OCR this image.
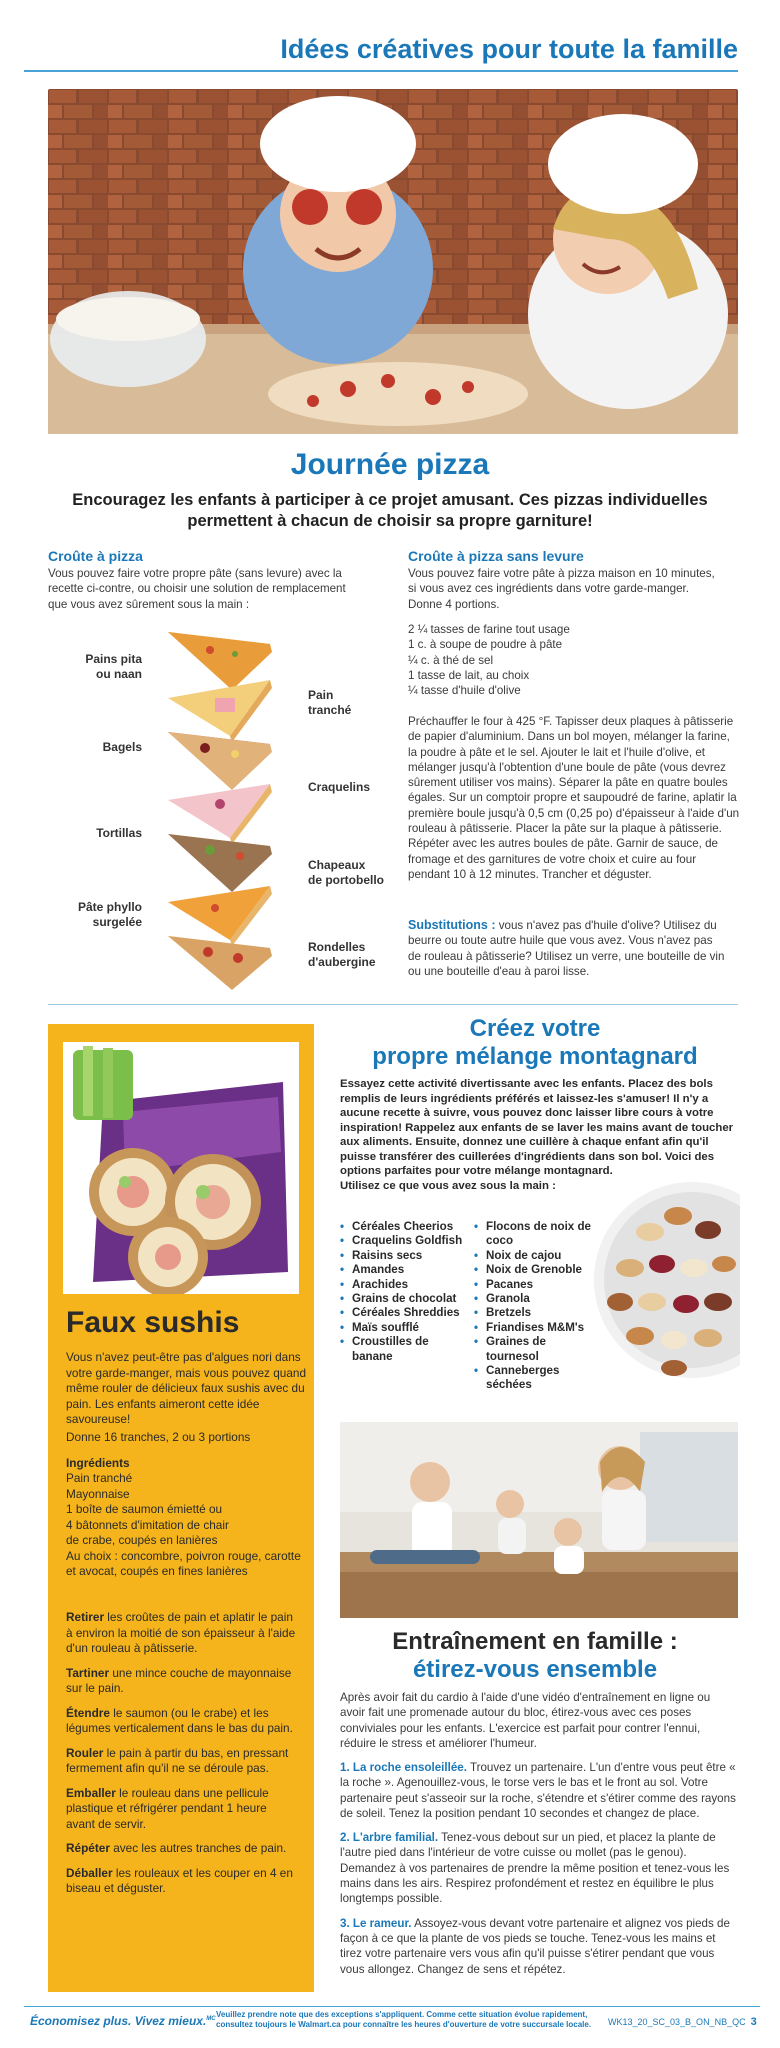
Idées créatives pour toute la famille
Journée pizza
Encouragez les enfants à participer à ce projet amusant. Ces pizzas individuelles permettent à chacun de choisir sa propre garniture!
Croûte à pizza
Vous pouvez faire votre propre pâte (sans levure) avec la recette ci-contre, ou choisir une solution de remplacement que vous avez sûrement sous la main :
Pains pita
ou naan
Bagels
Tortillas
Pâte phyllo
surgelée
Pain
tranché
Craquelins
Chapeaux
de portobello
Rondelles
d'aubergine
Croûte à pizza sans levure
Vous pouvez faire votre pâte à pizza maison en 10 minutes, si vous avez ces ingrédients dans votre garde-manger. Donne 4 portions.
2 ¼ tasses de farine tout usage
1 c. à soupe de poudre à pâte
¼ c. à thé de sel
1 tasse de lait, au choix
¼ tasse d'huile d'olive
Préchauffer le four à 425 °F. Tapisser deux plaques à pâtisserie de papier d'aluminium. Dans un bol moyen, mélanger la farine, la poudre à pâte et le sel. Ajouter le lait et l'huile d'olive, et mélanger jusqu'à l'obtention d'une boule de pâte (vous devrez sûrement utiliser vos mains). Séparer la pâte en quatre boules égales. Sur un comptoir propre et saupoudré de farine, aplatir la première boule jusqu'à 0,5 cm (0,25 po) d'épaisseur à l'aide d'un rouleau à pâtisserie. Placer la pâte sur la plaque à pâtisserie. Répéter avec les autres boules de pâte. Garnir de sauce, de fromage et des garnitures de votre choix et cuire au four pendant 10 à 12 minutes. Trancher et déguster.
Substitutions : vous n'avez pas d'huile d'olive? Utilisez du beurre ou toute autre huile que vous avez. Vous n'avez pas de rouleau à pâtisserie? Utilisez un verre, une bouteille de vin ou une bouteille d'eau à paroi lisse.
Faux sushis
Vous n'avez peut-être pas d'algues nori dans votre garde-manger, mais vous pouvez quand même rouler de délicieux faux sushis avec du pain. Les enfants aimeront cette idée savoureuse!
Donne 16 tranches, 2 ou 3 portions
Ingrédients
Pain tranché
Mayonnaise
1 boîte de saumon émietté ou
4 bâtonnets d'imitation de chair
de crabe, coupés en lanières
Au choix : concombre, poivron rouge, carotte et avocat, coupés en fines lanières

Retirer les croûtes de pain et aplatir le pain à environ la moitié de son épaisseur à l'aide d'un rouleau à pâtisserie.

Tartiner une mince couche de mayonnaise sur le pain.

Étendre le saumon (ou le crabe) et les légumes verticalement dans le bas du pain.

Rouler le pain à partir du bas, en pressant fermement afin qu'il ne se déroule pas.

Emballer le rouleau dans une pellicule plastique et réfrigérer pendant 1 heure avant de servir.

Répéter avec les autres tranches de pain.

Déballer les rouleaux et les couper en 4 en biseau et déguster.

Créez votre
propre mélange montagnard
Essayez cette activité divertissante avec les enfants. Placez des bols remplis de leurs ingrédients préférés et laissez-les s'amuser! Il n'y a aucune recette à suivre, vous pouvez donc laisser libre cours à votre inspiration! Rappelez aux enfants de se laver les mains avant de toucher aux aliments. Ensuite, donnez une cuillère à chaque enfant afin qu'il puisse transférer des cuillerées d'ingrédients dans son bol. Voici des options parfaites pour votre mélange montagnard.
Utilisez ce que vous avez sous la main :
• Céréales Cheerios
• Craquelins Goldfish
• Raisins secs
• Amandes
• Arachides
• Grains de chocolat
• Céréales Shreddies
• Maïs soufflé
• Croustilles de banane
• Flocons de noix de coco
• Noix de cajou
• Noix de Grenoble
• Pacanes
• Granola
• Bretzels
• Friandises M&M's
• Graines de tournesol
• Canneberges séchées
Entraînement en famille :
étirez-vous ensemble
Après avoir fait du cardio à l'aide d'une vidéo d'entraînement en ligne ou avoir fait une promenade autour du bloc, étirez-vous avec ces poses conviviales pour les enfants. L'exercice est parfait pour contrer l'ennui, réduire le stress et améliorer l'humeur.

1. La roche ensoleillée. Trouvez un partenaire. L'un d'entre vous peut être « la roche ». Agenouillez-vous, le torse vers le bas et le front au sol. Votre partenaire peut s'asseoir sur la roche, s'étendre et s'étirer comme des rayons de soleil. Tenez la position pendant 10 secondes et changez de place.

2. L'arbre familial. Tenez-vous debout sur un pied, et placez la plante de l'autre pied dans l'intérieur de votre cuisse ou mollet (pas le genou). Demandez à vos partenaires de prendre la même position et tenez-vous les mains dans les airs. Respirez profondément et restez en équilibre le plus longtemps possible.

3. Le rameur. Assoyez-vous devant votre partenaire et alignez vos pieds de façon à ce que la plante de vos pieds se touche. Tenez-vous les mains et tirez votre partenaire vers vous afin qu'il puisse s'étirer pendant que vous vous allongez. Changez de sens et répétez.

Économisez plus. Vivez mieux.$^{MC}$ Veuillez prendre note que des exceptions s'appliquent. Comme cette situation évolue rapidement, consultez toujours le Walmart.ca pour connaître les heures d'ouverture de votre succursale locale.	WK13_20_SC_03_B_ON_NB_QC 3
